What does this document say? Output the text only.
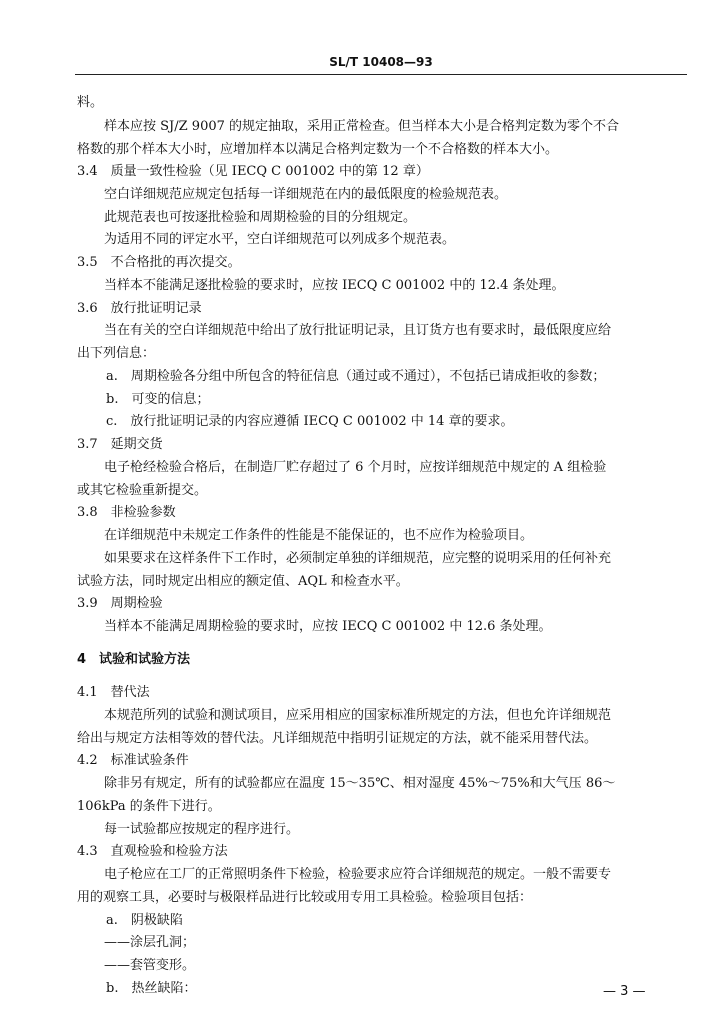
SL/T 10408—93
料。
样本应按 SJ/Z 9007 的规定抽取，采用正常检查。但当样本大小是合格判定数为零个不合
格数的那个样本大小时，应增加样本以满足合格判定数为一个不合格数的样本大小。
3.4　质量一致性检验（见 IECQ C 001002 中的第 12 章）
空白详细规范应规定包括每一详细规范在内的最低限度的检验规范表。
此规范表也可按逐批检验和周期检验的目的分组规定。
为适用不同的评定水平，空白详细规范可以列成多个规范表。
3.5　不合格批的再次提交。
当样本不能满足逐批检验的要求时，应按 IECQ C 001002 中的 12.4 条处理。
3.6　放行批证明记录
当在有关的空白详细规范中给出了放行批证明记录，且订货方也有要求时，最低限度应给
出下列信息：
a.　周期检验各分组中所包含的特征信息（通过或不通过），不包括已请成拒收的参数；
b.　可变的信息；
c.　放行批证明记录的内容应遵循 IECQ C 001002 中 14 章的要求。
3.7　延期交货
电子枪经检验合格后，在制造厂贮存超过了 6 个月时，应按详细规范中规定的 A 组检验
或其它检验重新提交。
3.8　非检验参数
在详细规范中未规定工作条件的性能是不能保证的，也不应作为检验项目。
如果要求在这样条件下工作时，必须制定单独的详细规范，应完整的说明采用的任何补充
试验方法，同时规定出相应的额定值、AQL 和检查水平。
3.9　周期检验
当样本不能满足周期检验的要求时，应按 IECQ C 001002 中 12.6 条处理。
4　试验和试验方法
4.1　替代法
本规范所列的试验和测试项目，应采用相应的国家标准所规定的方法，但也允许详细规范
给出与规定方法相等效的替代法。凡详细规范中指明引证规定的方法，就不能采用替代法。
4.2　标准试验条件
除非另有规定，所有的试验都应在温度 15～35℃、相对湿度 45%～75%和大气压 86～
106kPa 的条件下进行。
每一试验都应按规定的程序进行。
4.3　直观检验和检验方法
电子枪应在工厂的正常照明条件下检验，检验要求应符合详细规范的规定。一般不需要专
用的观察工具，必要时与极限样品进行比较或用专用工具检验。检验项目包括：
a.　阴极缺陷
——涂层孔洞；
——套管变形。
b.　热丝缺陷：	— 3 —
